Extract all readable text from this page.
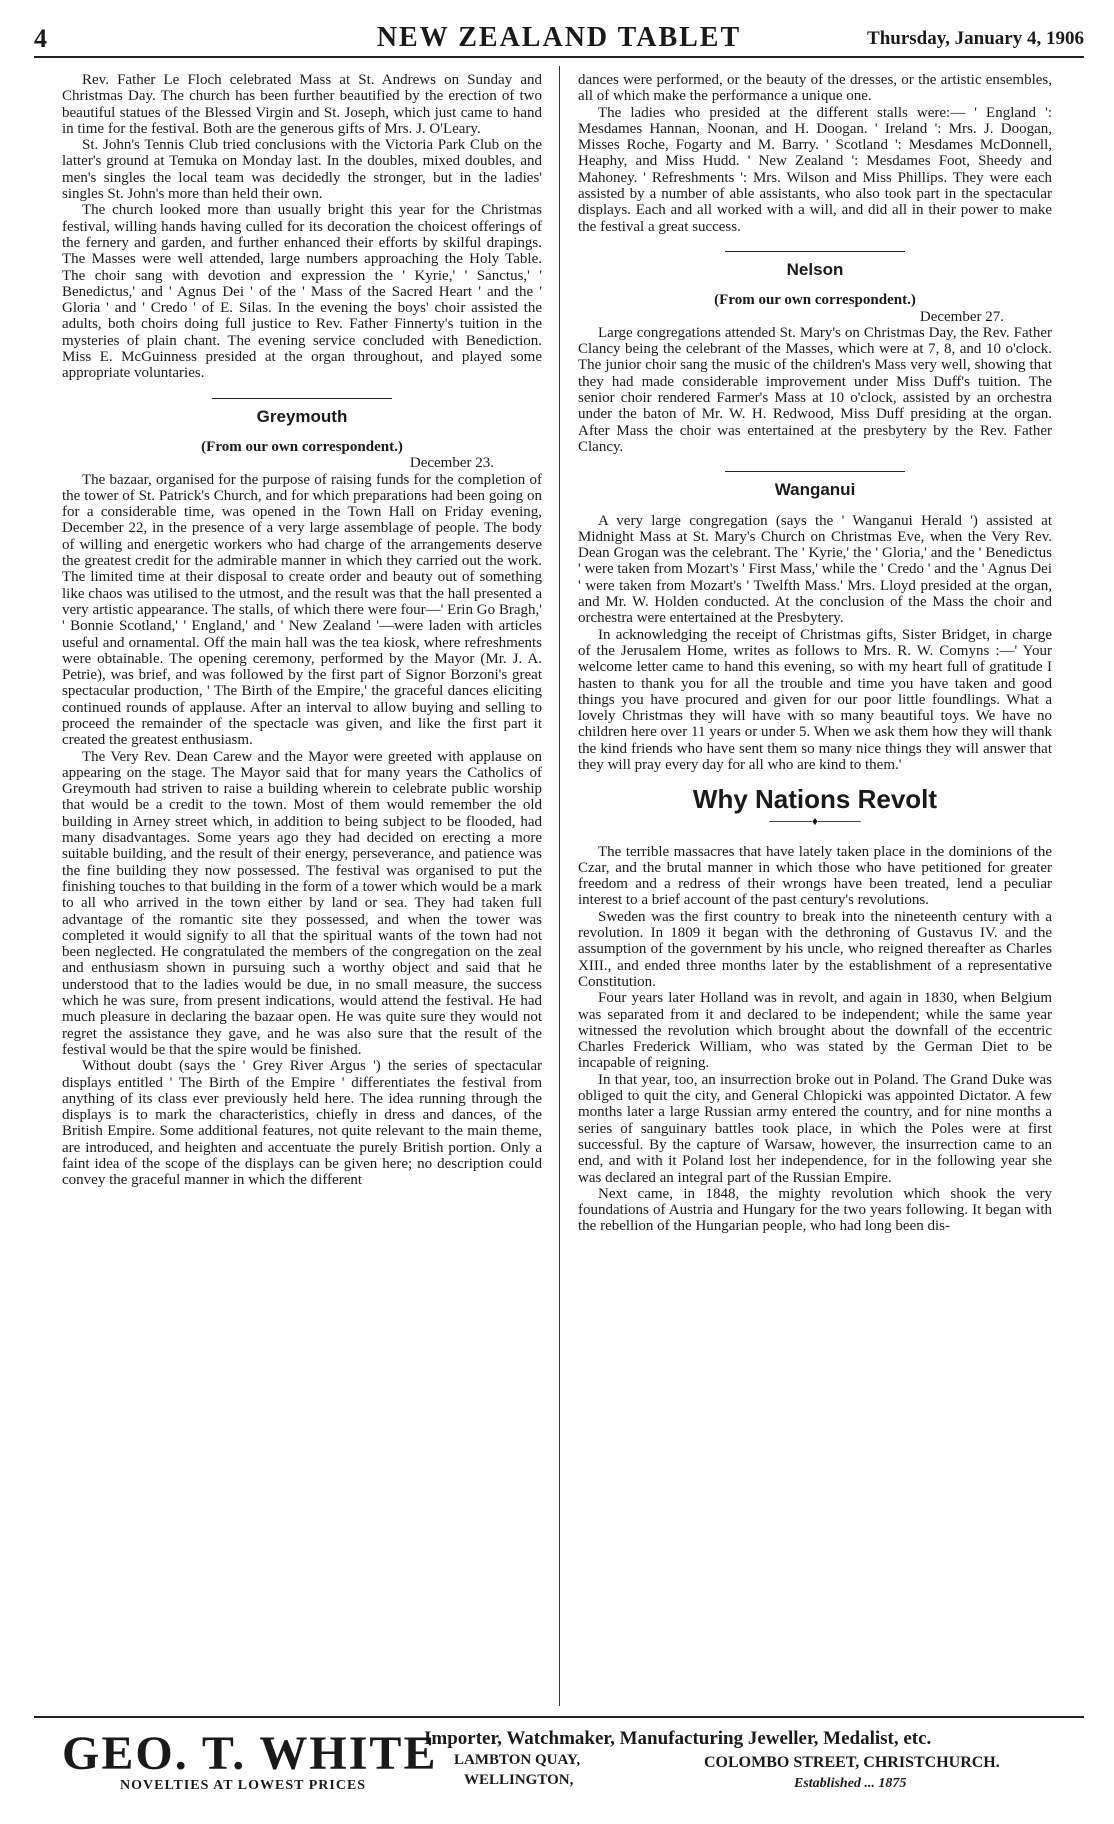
4	NEW ZEALAND TABLET	Thursday, January 4, 1906

Rev. Father Le Floch celebrated Mass at St. Andrews on Sunday and Christmas Day. The church has been further beautified by the erection of two beautiful statues of the Blessed Virgin and St. Joseph, which just came to hand in time for the festival. Both are the generous gifts of Mrs. J. O'Leary.

St. John's Tennis Club tried conclusions with the Victoria Park Club on the latter's ground at Temuka on Monday last. In the doubles, mixed doubles, and men's singles the local team was decidedly the stronger, but in the ladies' singles St. John's more than held their own.

The church looked more than usually bright this year for the Christmas festival, willing hands having culled for its decoration the choicest offerings of the fernery and garden, and further enhanced their efforts by skilful drapings. The Masses were well attended, large numbers approaching the Holy Table. The choir sang with devotion and expression the ' Kyrie,' ' Sanctus,' ' Benedictus,' and ' Agnus Dei ' of the ' Mass of the Sacred Heart ' and the ' Gloria ' and ' Credo ' of E. Silas. In the evening the boys' choir assisted the adults, both choirs doing full justice to Rev. Father Finnerty's tuition in the mysteries of plain chant. The evening service concluded with Benediction. Miss E. McGuinness presided at the organ throughout, and played some appropriate voluntaries.

Greymouth
(From our own correspondent.)
December 23.

The bazaar, organised for the purpose of raising funds for the completion of the tower of St. Patrick's Church, and for which preparations had been going on for a considerable time, was opened in the Town Hall on Friday evening, December 22, in the presence of a very large assemblage of people. The body of willing and energetic workers who had charge of the arrangements deserve the greatest credit for the admirable manner in which they carried out the work. The limited time at their disposal to create order and beauty out of something like chaos was utilised to the utmost, and the result was that the hall presented a very artistic appearance. The stalls, of which there were four—' Erin Go Bragh,' ' Bonnie Scotland,' ' England,' and ' New Zealand '—were laden with articles useful and ornamental. Off the main hall was the tea kiosk, where refreshments were obtainable. The opening ceremony, performed by the Mayor (Mr. J. A. Petrie), was brief, and was followed by the first part of Signor Borzoni's great spectacular production, ' The Birth of the Empire,' the graceful dances eliciting continued rounds of applause. After an interval to allow buying and selling to proceed the remainder of the spectacle was given, and like the first part it created the greatest enthusiasm.

The Very Rev. Dean Carew and the Mayor were greeted with applause on appearing on the stage. The Mayor said that for many years the Catholics of Greymouth had striven to raise a building wherein to celebrate public worship that would be a credit to the town. Most of them would remember the old building in Arney street which, in addition to being subject to be flooded, had many disadvantages. Some years ago they had decided on erecting a more suitable building, and the result of their energy, perseverance, and patience was the fine building they now possessed. The festival was organised to put the finishing touches to that building in the form of a tower which would be a mark to all who arrived in the town either by land or sea. They had taken full advantage of the romantic site they possessed, and when the tower was completed it would signify to all that the spiritual wants of the town had not been neglected. He congratulated the members of the congregation on the zeal and enthusiasm shown in pursuing such a worthy object and said that he understood that to the ladies would be due, in no small measure, the success which he was sure, from present indications, would attend the festival. He had much pleasure in declaring the bazaar open. He was quite sure they would not regret the assistance they gave, and he was also sure that the result of the festival would be that the spire would be finished.

Without doubt (says the ' Grey River Argus ') the series of spectacular displays entitled ' The Birth of the Empire ' differentiates the festival from anything of its class ever previously held here. The idea running through the displays is to mark the characteristics, chiefly in dress and dances, of the British Empire. Some additional features, not quite relevant to the main theme, are introduced, and heighten and accentuate the purely British portion. Only a faint idea of the scope of the displays can be given here; no description could convey the graceful manner in which the different

dances were performed, or the beauty of the dresses, or the artistic ensembles, all of which make the performance a unique one.

The ladies who presided at the different stalls were:— ' England ': Mesdames Hannan, Noonan, and H. Doogan. ' Ireland ': Mrs. J. Doogan, Misses Roche, Fogarty and M. Barry. ' Scotland ': Mesdames McDonnell, Heaphy, and Miss Hudd. ' New Zealand ': Mesdames Foot, Sheedy and Mahoney. ' Refreshments ': Mrs. Wilson and Miss Phillips. They were each assisted by a number of able assistants, who also took part in the spectacular displays. Each and all worked with a will, and did all in their power to make the festival a great success.

Nelson
(From our own correspondent.)
December 27.

Large congregations attended St. Mary's on Christmas Day, the Rev. Father Clancy being the celebrant of the Masses, which were at 7, 8, and 10 o'clock. The junior choir sang the music of the children's Mass very well, showing that they had made considerable improvement under Miss Duff's tuition. The senior choir rendered Farmer's Mass at 10 o'clock, assisted by an orchestra under the baton of Mr. W. H. Redwood, Miss Duff presiding at the organ. After Mass the choir was entertained at the presbytery by the Rev. Father Clancy.

Wanganui

A very large congregation (says the ' Wanganui Herald ') assisted at Midnight Mass at St. Mary's Church on Christmas Eve, when the Very Rev. Dean Grogan was the celebrant. The ' Kyrie,' the ' Gloria,' and the ' Benedictus ' were taken from Mozart's ' First Mass,' while the ' Credo ' and the ' Agnus Dei ' were taken from Mozart's ' Twelfth Mass.' Mrs. Lloyd presided at the organ, and Mr. W. Holden conducted. At the conclusion of the Mass the choir and orchestra were entertained at the Presbytery.

In acknowledging the receipt of Christmas gifts, Sister Bridget, in charge of the Jerusalem Home, writes as follows to Mrs. R. W. Comyns :—' Your welcome letter came to hand this evening, so with my heart full of gratitude I hasten to thank you for all the trouble and time you have taken and good things you have procured and given for our poor little foundlings. What a lovely Christmas they will have with so many beautiful toys. We have no children here over 11 years or under 5. When we ask them how they will thank the kind friends who have sent them so many nice things they will answer that they will pray every day for all who are kind to them.'

Why Nations Revolt
─────♦─────

The terrible massacres that have lately taken place in the dominions of the Czar, and the brutal manner in which those who have petitioned for greater freedom and a redress of their wrongs have been treated, lend a peculiar interest to a brief account of the past century's revolutions.

Sweden was the first country to break into the nineteenth century with a revolution. In 1809 it began with the dethroning of Gustavus IV. and the assumption of the government by his uncle, who reigned thereafter as Charles XIII., and ended three months later by the establishment of a representative Constitution.

Four years later Holland was in revolt, and again in 1830, when Belgium was separated from it and declared to be independent; while the same year witnessed the revolution which brought about the downfall of the eccentric Charles Frederick William, who was stated by the German Diet to be incapable of reigning.

In that year, too, an insurrection broke out in Poland. The Grand Duke was obliged to quit the city, and General Chlopicki was appointed Dictator. A few months later a large Russian army entered the country, and for nine months a series of sanguinary battles took place, in which the Poles were at first successful. By the capture of Warsaw, however, the insurrection came to an end, and with it Poland lost her independence, for in the following year she was declared an integral part of the Russian Empire.

Next came, in 1848, the mighty revolution which shook the very foundations of Austria and Hungary for the two years following. It began with the rebellion of the Hungarian people, who had long been dis-

GEO. T. WHITE
NOVELTIES AT LOWEST PRICES
Importer, Watchmaker, Manufacturing Jeweller, Medalist, etc.
LAMBTON QUAY,
WELLINGTON,
COLOMBO STREET, CHRISTCHURCH.
Established ... 1875
